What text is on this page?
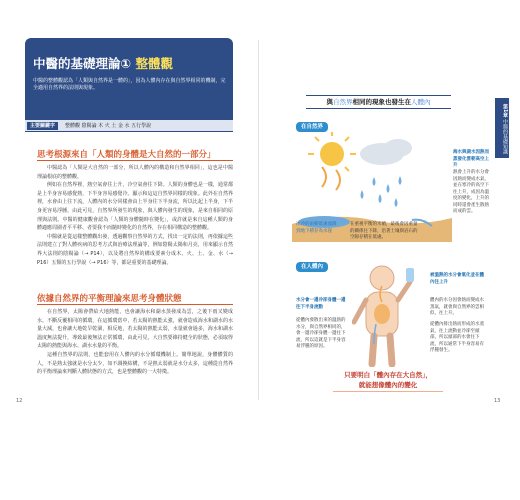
中醫的基礎理論① 整體觀
中醫的整體觀認為「人類與自然界是一體的」，因為人體內存在與自然界相同的機制，完全適用自然界的法則與現象。
主要關鍵字	整體觀 陰陽論 木 火 土 金 水 五行學說
思考根源來自「人類的身體是大自然的一部分」

中醫認為「人類是大自然的一部分，所以人體內的構造和自然界相同」，這也是中醫理論根底的整體觀。

例如在自然界裡，熱空氣會往上升，冷空氣會往下降。人類的身體也是一樣，通常都是上半身容易感覺熱，下半身容易感覺冷。顯示和這這自然界同樣的現象。此外在自然界裡，水會由上往下流，人體內的水分同樣會由上半身往下半身流，所以比起上半身，下半身更容易浮腫。由此可見，自然界所發生的現象，與人體內發生的現象，是來自相同的原理與法則。中醫的健康觀會認為「人類的身體隨時在變化」，或許就是來自這種人類的身體適應周圍者平平移、者要我不而隨時變化的自然界，存在相同構造的整體觀。

中醫就是從這樣整體觀出發，透過觀察自然界的方式，找出一定的法則，再依據這些法則建立了對人體疾病的思考方式與治療法理論等，例如陰陽太陽和月亮，用來顯示自然界大法則的陰陽論（→ P14），以及將自然界的構成要素分成木、火、土、金、水（→ P16）五類的五行學說（→ P16）等，都是重要的基礎理論。

依據自然界的平衡理論來思考身體狀態

在自然界，太陽會帶給大地熱能，也會讓海水和湖水蒸發成為雲，之後下雨又變成水。不斷反覆相同的循環，在這循環當中，若太陽的熱能太強，就會造成海水和湖水的水量大減，也會讓大地乾旱乾涸，相反地，若太陽的熱能太弱，水量就會過多，海水和湖水溫度無法提升，導致最後無法正常循環，由此可見，大自然要維持健全的狀態，必須取得太陽的熱能與海水、湖水水量的平衡。

這種自然界的法則，也能套用在人體內的水分循環機制上。簡單地說，身體體質的人，不是熱太強就是水分太少，如不調換結構，不是熱太弱就是水分太多，這種從自然界的平衡理論來判斷人體狀態的方式，也是整體觀的一大特徵。

12
與自然界相同的現象也發生在人體內
第1章 中醫的基礎知識
在自然界
海水與湖水因熱而蒸發化雲朝高空上升
熱會上升的水分會因熱而變成水氣，並在寒冷的高空下往上升，成因為溫度的變化，上升的同時還會產生散熱而成的雲。
冰冷的雨朝低處流降到地下積存為水窪
在重視平衡的水循，最後會因重量的關係往下降，沿著土壤與岩石的空隙存積在低處。
在人體內
被溫熱的水分會氣化並在體內往上升
體內的水分因會熱而變成水蒸氣，就會與自然界的雲相似，往上升。
水分會一邊冷卻身體一邊往下半身流動
從體內發散出來的溫熱的水分，與自然界相同的，會一邊冷卻身體一邊往下流，所以這就是下半身容易浮腫的原因。
從體內排出熱而形成的水蒸氣，往上流動並冷卻至頭部，所以頭部的水會往下流，所以通常下半身容易有浮腫發生。
只要明白「體內存在大自然」，
就能想像體內的變化
13
